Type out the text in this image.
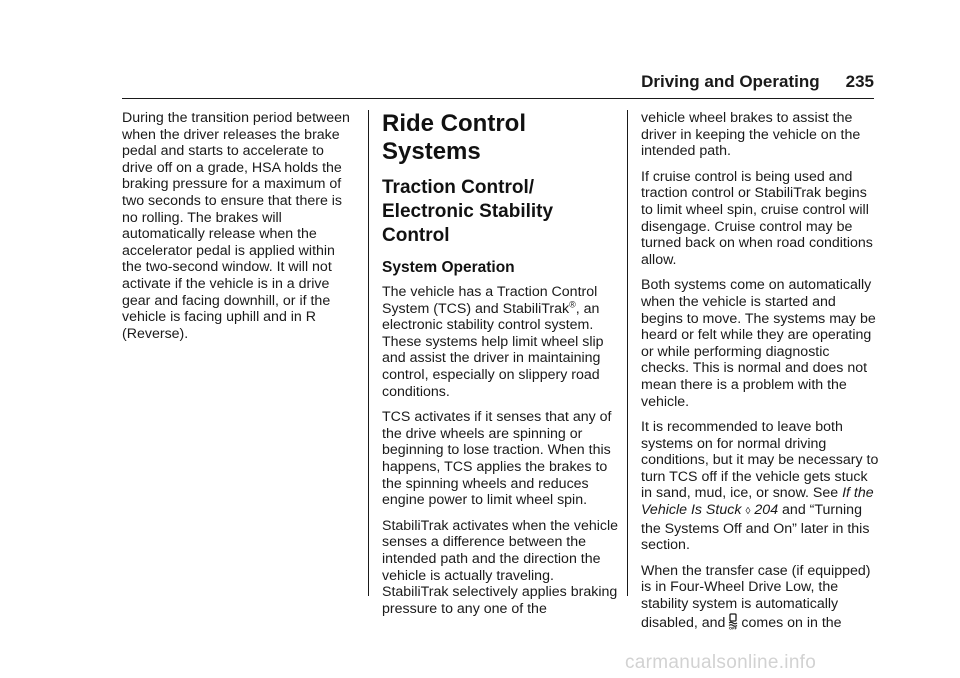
Driving and Operating 235

During the transition period between when the driver releases the brake pedal and starts to accelerate to drive off on a grade, HSA holds the braking pressure for a maximum of two seconds to ensure that there is no rolling. The brakes will automatically release when the accelerator pedal is applied within the two-second window. It will not activate if the vehicle is in a drive gear and facing downhill, or if the vehicle is facing uphill and in R (Reverse).

Ride Control Systems
Traction Control/ Electronic Stability Control
System Operation

The vehicle has a Traction Control System (TCS) and StabiliTrak®, an electronic stability control system. These systems help limit wheel slip and assist the driver in maintaining control, especially on slippery road conditions.

TCS activates if it senses that any of the drive wheels are spinning or beginning to lose traction. When this happens, TCS applies the brakes to the spinning wheels and reduces engine power to limit wheel spin.

StabiliTrak activates when the vehicle senses a difference between the intended path and the direction the vehicle is actually traveling. StabiliTrak selectively applies braking pressure to any one of the

vehicle wheel brakes to assist the driver in keeping the vehicle on the intended path.

If cruise control is being used and traction control or StabiliTrak begins to limit wheel spin, cruise control will disengage. Cruise control may be turned back on when road conditions allow.

Both systems come on automatically when the vehicle is started and begins to move. The systems may be heard or felt while they are operating or while performing diagnostic checks. This is normal and does not mean there is a problem with the vehicle.

It is recommended to leave both systems on for normal driving conditions, but it may be necessary to turn TCS off if the vehicle gets stuck in sand, mud, ice, or snow. See If the Vehicle Is Stuck ◊ 204 and “Turning the Systems Off and On” later in this section.

When the transfer case (if equipped) is in Four-Wheel Drive Low, the stability system is automatically disabled, and OFF comes on in the

carmanualsonline.info
